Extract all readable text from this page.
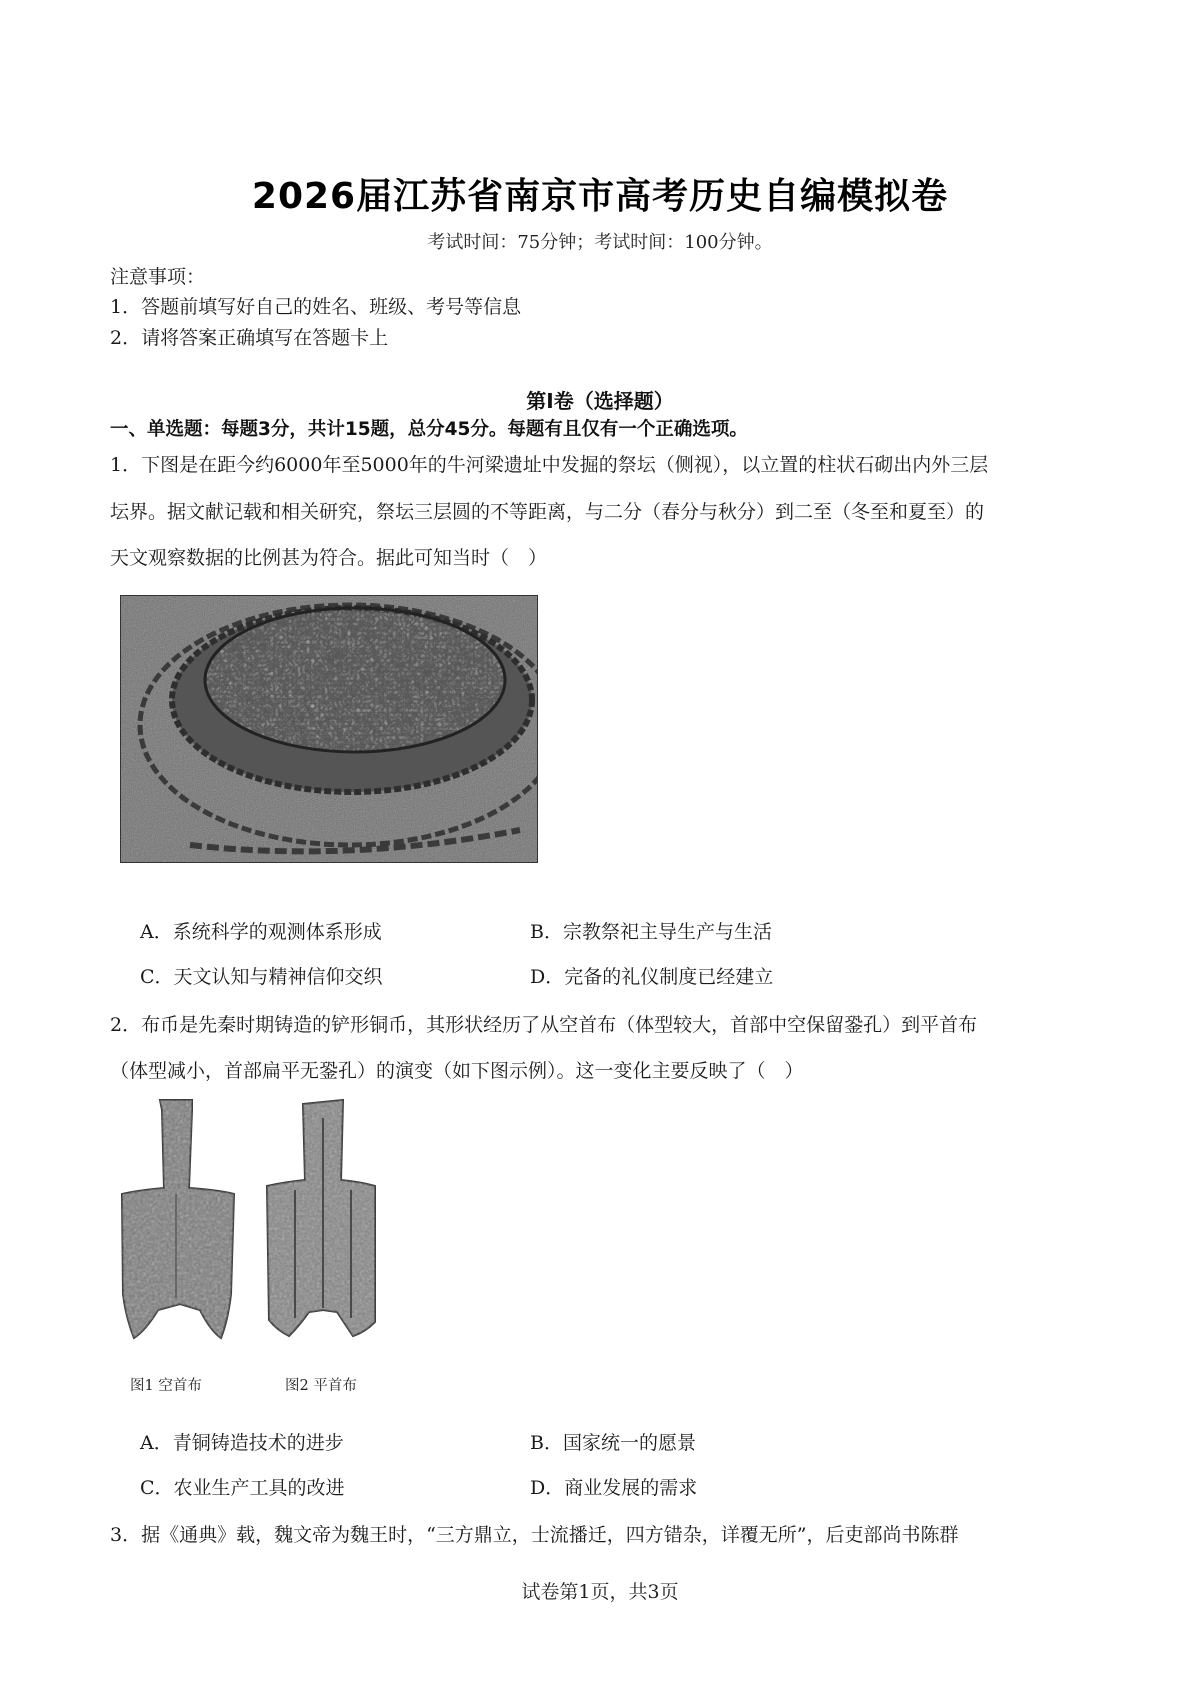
2026届江苏省南京市高考历史自编模拟卷
考试时间：75分钟；考试时间：100分钟。
注意事项：
1．答题前填写好自己的姓名、班级、考号等信息
2．请将答案正确填写在答题卡上
第I卷（选择题）
一、单选题：每题3分，共计15题，总分45分。每题有且仅有一个正确选项。
1．下图是在距今约6000年至5000年的牛河梁遗址中发掘的祭坛（侧视），以立置的柱状石砌出内外三层
坛界。据文献记载和相关研究，祭坛三层圆的不等距离，与二分（春分与秋分）到二至（冬至和夏至）的
天文观察数据的比例甚为符合。据此可知当时（　）
A．系统科学的观测体系形成	B．宗教祭祀主导生产与生活
C．天文认知与精神信仰交织	D．完备的礼仪制度已经建立
2．布币是先秦时期铸造的铲形铜币，其形状经历了从空首布（体型较大，首部中空保留銎孔）到平首布
（体型减小，首部扁平无銎孔）的演变（如下图示例）。这一变化主要反映了（　）
图1 空首布	图2 平首布
A．青铜铸造技术的进步	B．国家统一的愿景
C．农业生产工具的改进	D．商业发展的需求
3．据《通典》载，魏文帝为魏王时，“三方鼎立，士流播迁，四方错杂，详覆无所”，后吏部尚书陈群
试卷第1页，共3页
